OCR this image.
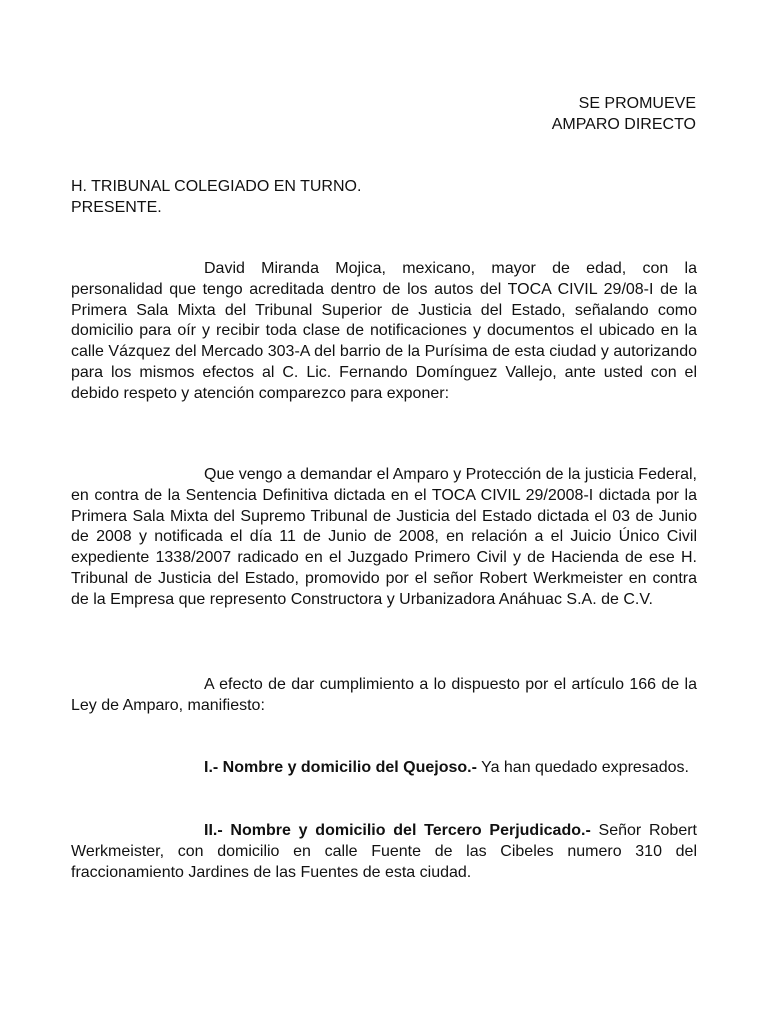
SE PROMUEVE
AMPARO DIRECTO
H. TRIBUNAL COLEGIADO EN TURNO.
PRESENTE.

David Miranda Mojica, mexicano, mayor de edad, con la personalidad que tengo acreditada dentro de los autos del TOCA CIVIL 29/08-I de la Primera Sala Mixta del Tribunal Superior de Justicia del Estado, señalando como domicilio para oír y recibir toda clase de notificaciones y documentos el ubicado en la calle Vázquez del Mercado 303-A del barrio de la Purísima de esta ciudad y autorizando para los mismos efectos al C. Lic. Fernando Domínguez Vallejo, ante usted con el debido respeto y atención comparezco para exponer:

Que vengo a demandar el Amparo y Protección de la justicia Federal, en contra de la Sentencia Definitiva dictada en el TOCA CIVIL 29/2008-I dictada por la Primera Sala Mixta del Supremo Tribunal de Justicia del Estado dictada el 03 de Junio de 2008 y notificada el día 11 de Junio de 2008, en relación a el Juicio Único Civil expediente 1338/2007 radicado en el Juzgado Primero Civil y de Hacienda de ese H. Tribunal de Justicia del Estado, promovido por el señor Robert Werkmeister en contra de la Empresa que represento Constructora y Urbanizadora Anáhuac S.A. de C.V.

A efecto de dar cumplimiento a lo dispuesto por el artículo 166 de la Ley de Amparo, manifiesto:

I.- Nombre y domicilio del Quejoso.- Ya han quedado expresados.

II.- Nombre y domicilio del Tercero Perjudicado.- Señor Robert Werkmeister, con domicilio en calle Fuente de las Cibeles numero 310 del fraccionamiento Jardines de las Fuentes de esta ciudad.
